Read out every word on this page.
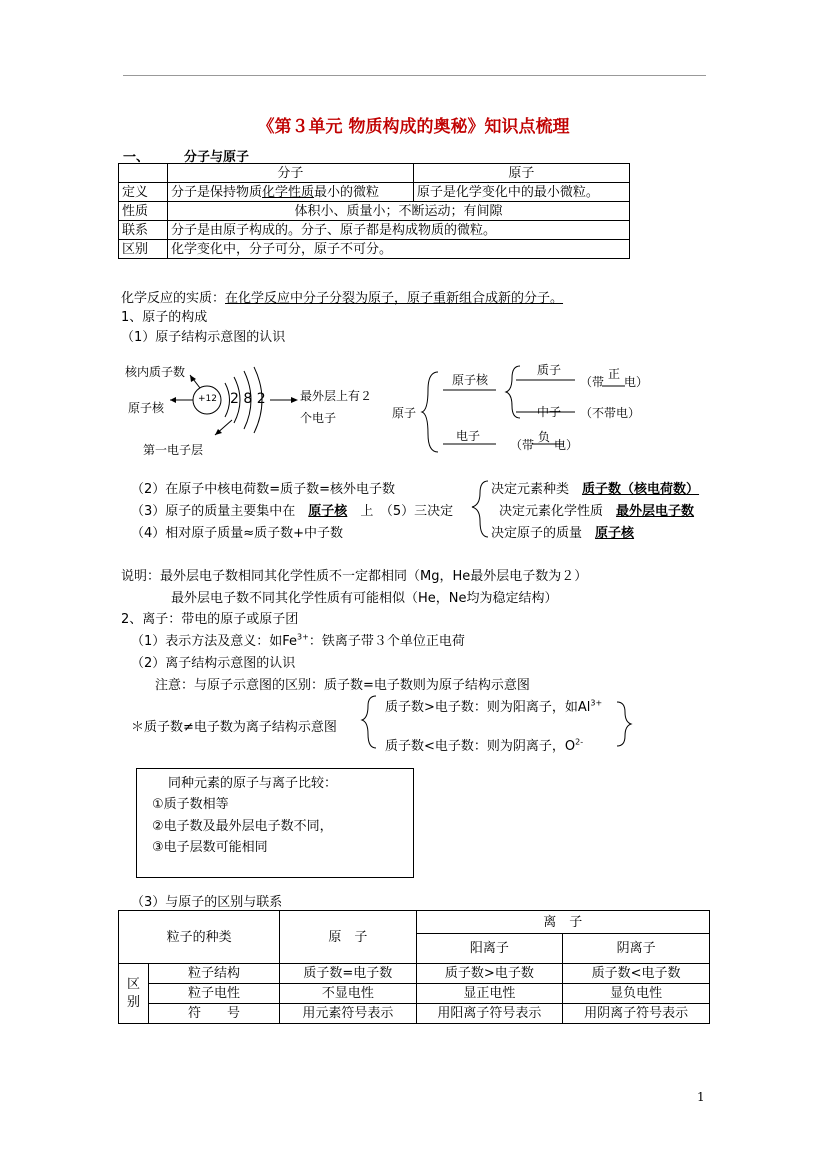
《第３单元 物质构成的奥秘》知识点梳理
一、	分子与原子
	分子	原子
定义	分子是保持物质化学性质最小的微粒	原子是化学变化中的最小微粒。
性质	体积小、质量小；不断运动；有间隙	
联系	分子是由原子构成的。分子、原子都是构成物质的微粒。	
区别	化学变化中，分子可分，原子不可分。	
化学反应的实质：在化学反应中分子分裂为原子，原子重新组合成新的分子。
1、原子的构成
（1）原子结构示意图的认识
核内质子数
原子核
第一电子层
+12 2 8 2	最外层上有２
个电子	原子
原子核
质子
中子
电子
（带正电）
（不带电）
（带负电）
（2）在原子中核电荷数=质子数=核外电子数
（3）原子的质量主要集中在　 原子核　 上　 （5）三决定
（4）相对原子质量≈质子数+中子数
决定元素种类　 质子数（核电荷数）
决定元素化学性质　 最外层电子数
决定原子的质量　 原子核
说明：最外层电子数相同其化学性质不一定都相同（Mg，He最外层电子数为２）
最外层电子数不同其化学性质有可能相似（He，Ne均为稳定结构）
2、离子：带电的原子或原子团
（1）表示方法及意义：如$Fe^{3+}$：铁离子带３个单位正电荷
（2）离子结构示意图的认识
注意：与原子示意图的区别：质子数=电子数则为原子结构示意图
＊质子数≠电子数为离子结构示意图
质子数>电子数：则为阳离子，如$Al^{3+}$
质子数<电子数：则为阴离子，$O^{2-}$
同种元素的原子与离子比较：
①质子数相等
②电子数及最外层电子数不同，
③电子层数可能相同
（3）与原子的区别与联系
粒子的种类		原　子	离　子	
			阳离子	阴离子
区别	粒子结构	质子数=电子数	质子数>电子数	质子数<电子数
	粒子电性	不显电性	显正电性	显负电性
	符　　号	用元素符号表示	用阳离子符号表示	用阴离子符号表示
1
